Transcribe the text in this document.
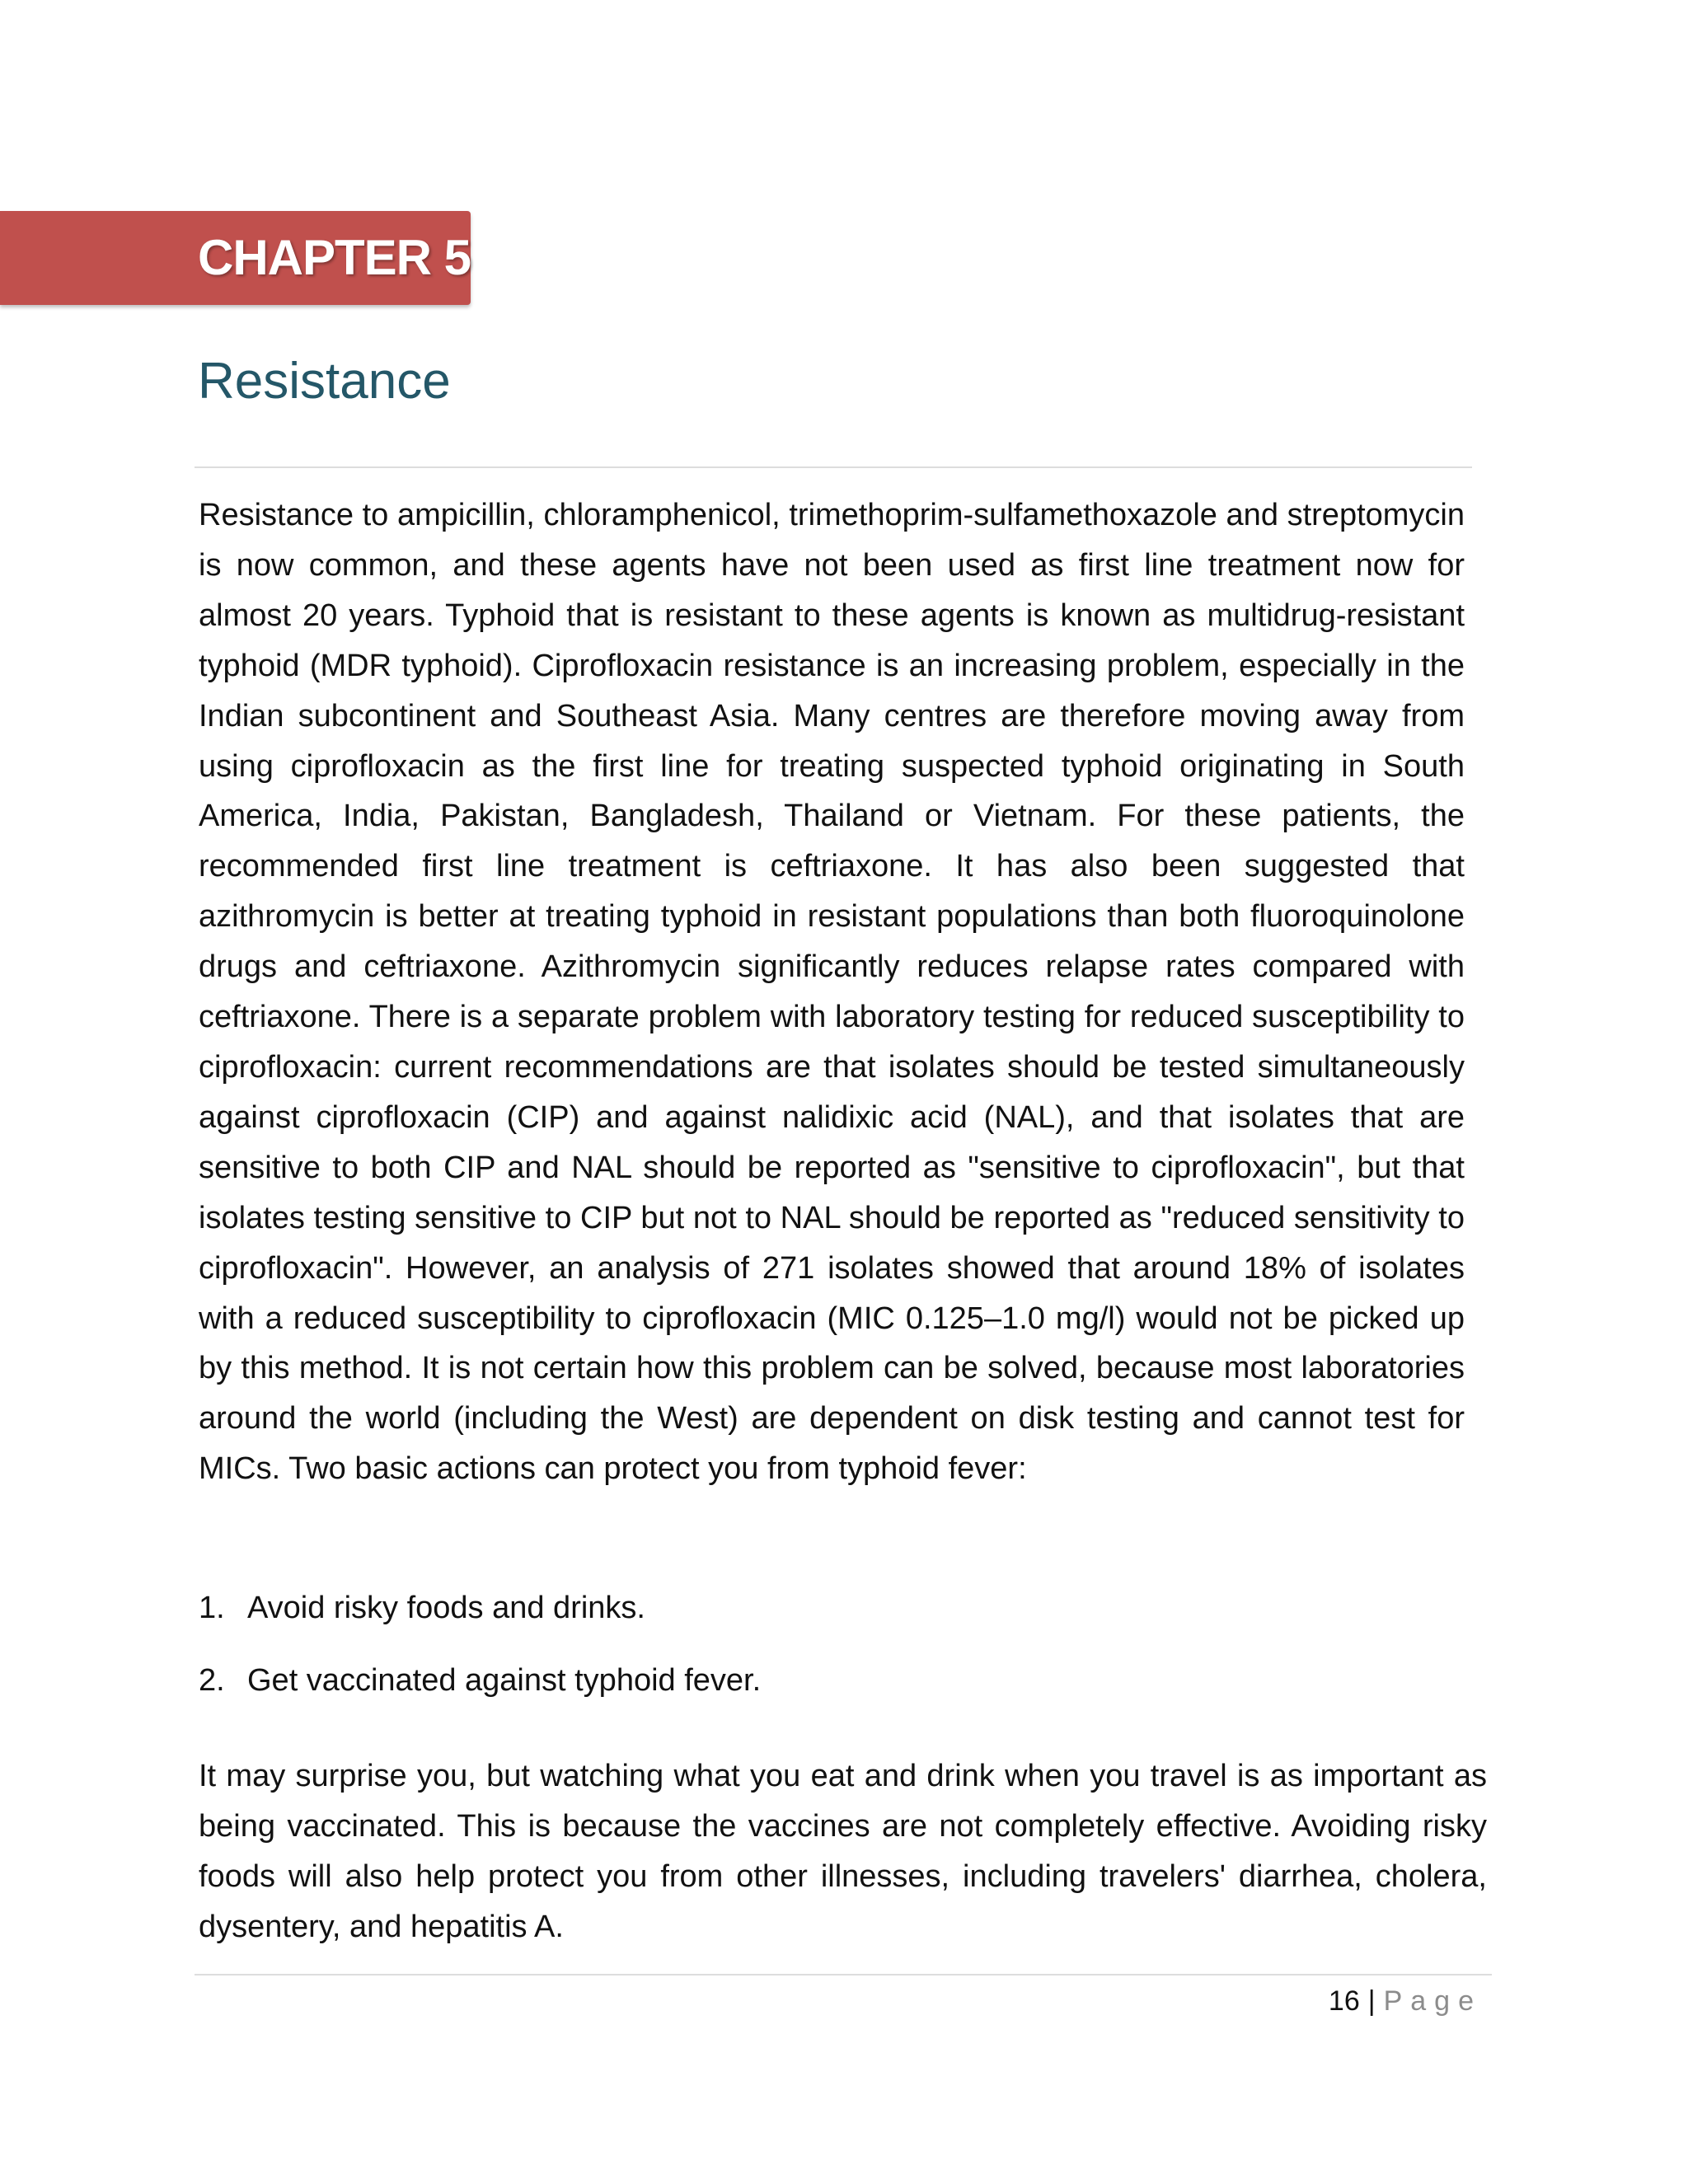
CHAPTER 5
Resistance

Resistance to ampicillin, chloramphenicol, trimethoprim-sulfamethoxazole and streptomycin is now common, and these agents have not been used as first line treatment now for almost 20 years. Typhoid that is resistant to these agents is known as multidrug-resistant typhoid (MDR typhoid). Ciprofloxacin resistance is an increasing problem, especially in the Indian subcontinent and Southeast Asia. Many centres are therefore moving away from using ciprofloxacin as the first line for treating suspected typhoid originating in South America, India, Pakistan, Bangladesh, Thailand or Vietnam. For these patients, the recommended first line treatment is ceftriaxone. It has also been suggested that azithromycin is better at treating typhoid in resistant populations than both fluoroquinolone drugs and ceftriaxone. Azithromycin significantly reduces relapse rates compared with ceftriaxone. There is a separate problem with laboratory testing for reduced susceptibility to ciprofloxacin: current recommendations are that isolates should be tested simultaneously against ciprofloxacin (CIP) and against nalidixic acid (NAL), and that isolates that are sensitive to both CIP and NAL should be reported as "sensitive to ciprofloxacin", but that isolates testing sensitive to CIP but not to NAL should be reported as "reduced sensitivity to ciprofloxacin". However, an analysis of 271 isolates showed that around 18% of isolates with a reduced susceptibility to ciprofloxacin (MIC 0.125–1.0 mg/l) would not be picked up by this method. It is not certain how this problem can be solved, because most laboratories around the world (including the West) are dependent on disk testing and cannot test for MICs. Two basic actions can protect you from typhoid fever:

1. Avoid risky foods and drinks.
2. Get vaccinated against typhoid fever.

It may surprise you, but watching what you eat and drink when you travel is as important as being vaccinated. This is because the vaccines are not completely effective. Avoiding risky foods will also help protect you from other illnesses, including travelers' diarrhea, cholera, dysentery, and hepatitis A.

16 | Page
